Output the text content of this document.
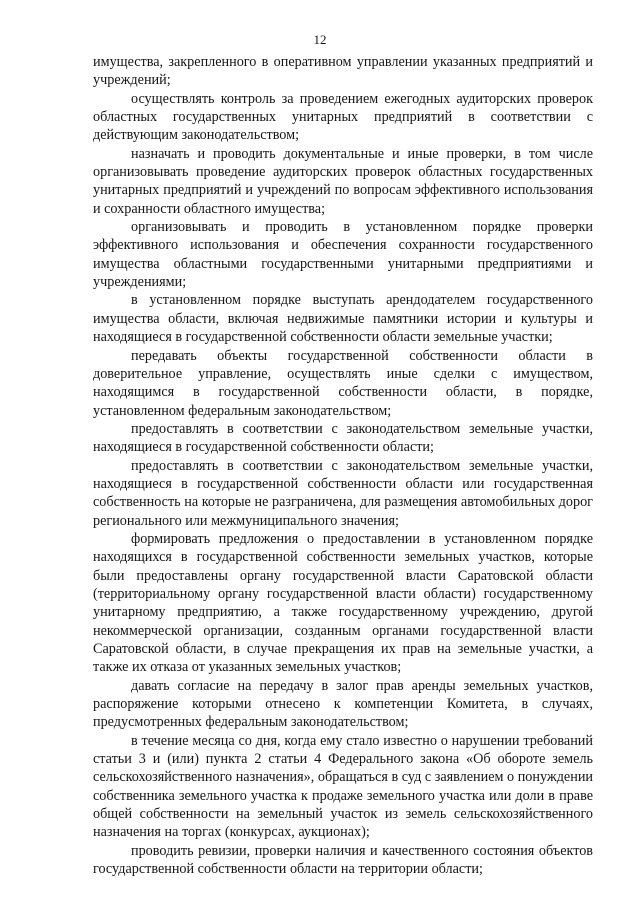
12

имущества, закрепленного в оперативном управлении указанных предприятий и учреждений;

осуществлять контроль за проведением ежегодных аудиторских проверок областных государственных унитарных предприятий в соответствии с действующим законодательством;

назначать и проводить документальные и иные проверки, в том числе организовывать проведение аудиторских проверок областных государственных унитарных предприятий и учреждений по вопросам эффективного использования и сохранности областного имущества;

организовывать и проводить в установленном порядке проверки эффективного использования и обеспечения сохранности государственного имущества областными государственными унитарными предприятиями и учреждениями;

в установленном порядке выступать арендодателем государственного имущества области, включая недвижимые памятники истории и культуры и находящиеся в государственной собственности области земельные участки;

передавать объекты государственной собственности области в доверительное управление, осуществлять иные сделки с имуществом, находящимся в государственной собственности области, в порядке, установленном федеральным законодательством;

предоставлять в соответствии с законодательством земельные участки, находящиеся в государственной собственности области;

предоставлять в соответствии с законодательством земельные участки, находящиеся в государственной собственности области или государственная собственность на которые не разграничена, для размещения автомобильных дорог регионального или межмуниципального значения;

формировать предложения о предоставлении в установленном порядке находящихся в государственной собственности земельных участков, которые были предоставлены органу государственной власти Саратовской области (территориальному органу государственной власти области) государственному унитарному предприятию, а также государственному учреждению, другой некоммерческой организации, созданным органами государственной власти Саратовской области, в случае прекращения их прав на земельные участки, а также их отказа от указанных земельных участков;

давать согласие на передачу в залог прав аренды земельных участков, распоряжение которыми отнесено к компетенции Комитета, в случаях, предусмотренных федеральным законодательством;

в течение месяца со дня, когда ему стало известно о нарушении требований статьи 3 и (или) пункта 2 статьи 4 Федерального закона «Об обороте земель сельскохозяйственного назначения», обращаться в суд с заявлением о понуждении собственника земельного участка к продаже земельного участка или доли в праве общей собственности на земельный участок из земель сельскохозяйственного назначения на торгах (конкурсах, аукционах);

проводить ревизии, проверки наличия и качественного состояния объектов государственной собственности области на территории области;
